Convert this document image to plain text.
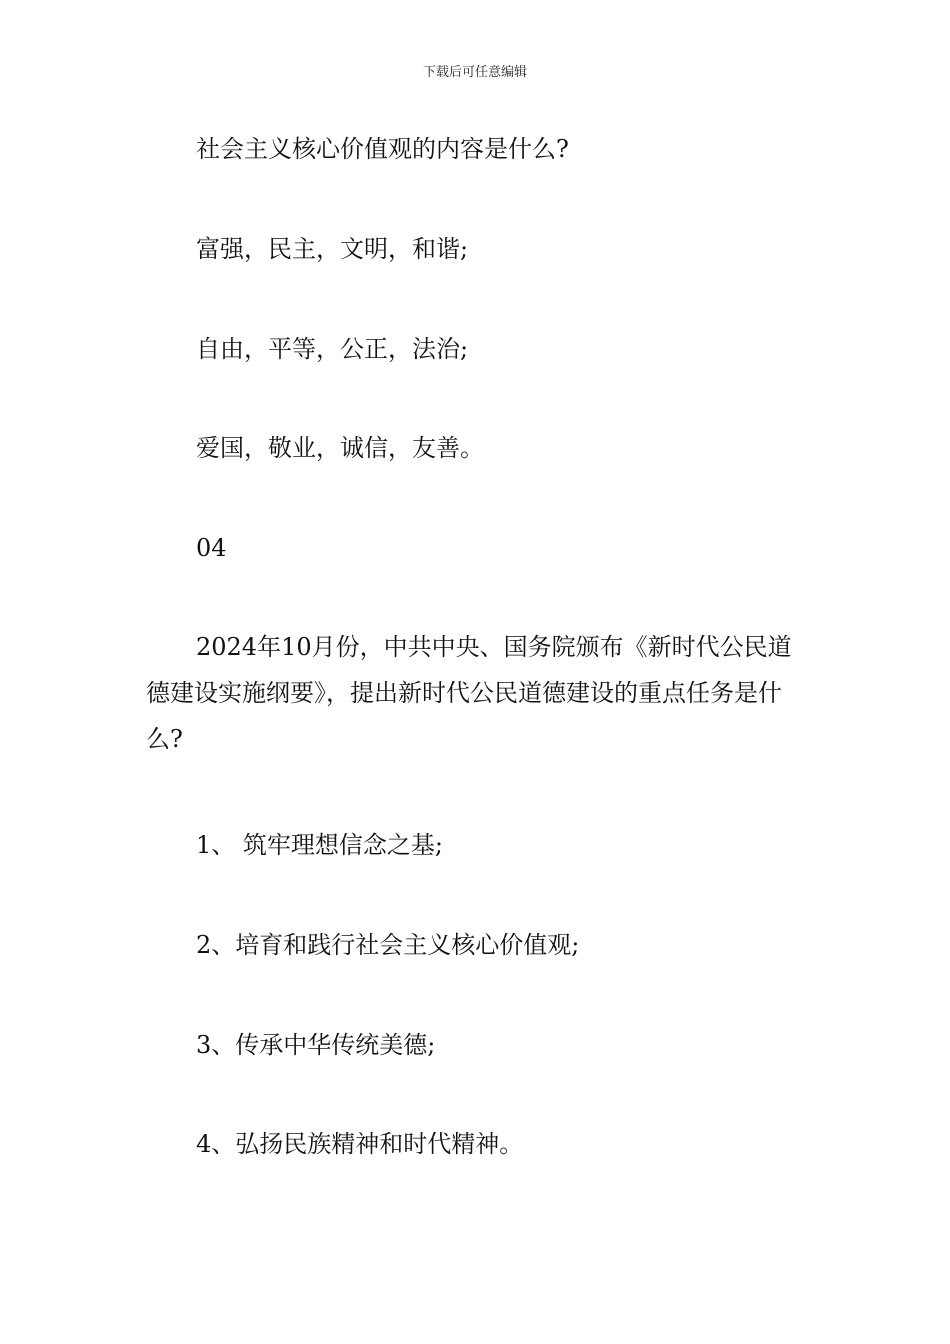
下载后可任意编辑

社会主义核心价值观的内容是什么?

富强，民主，文明，和谐;

自由，平等，公正，法治;

爱国，敬业，诚信，友善。

04

2024年10月份，中共中央、国务院颁布《新时代公民道德建设实施纲要》，提出新时代公民道德建设的重点任务是什么?

1、 筑牢理想信念之基;

2、培育和践行社会主义核心价值观;

3、传承中华传统美德;

4、弘扬民族精神和时代精神。
